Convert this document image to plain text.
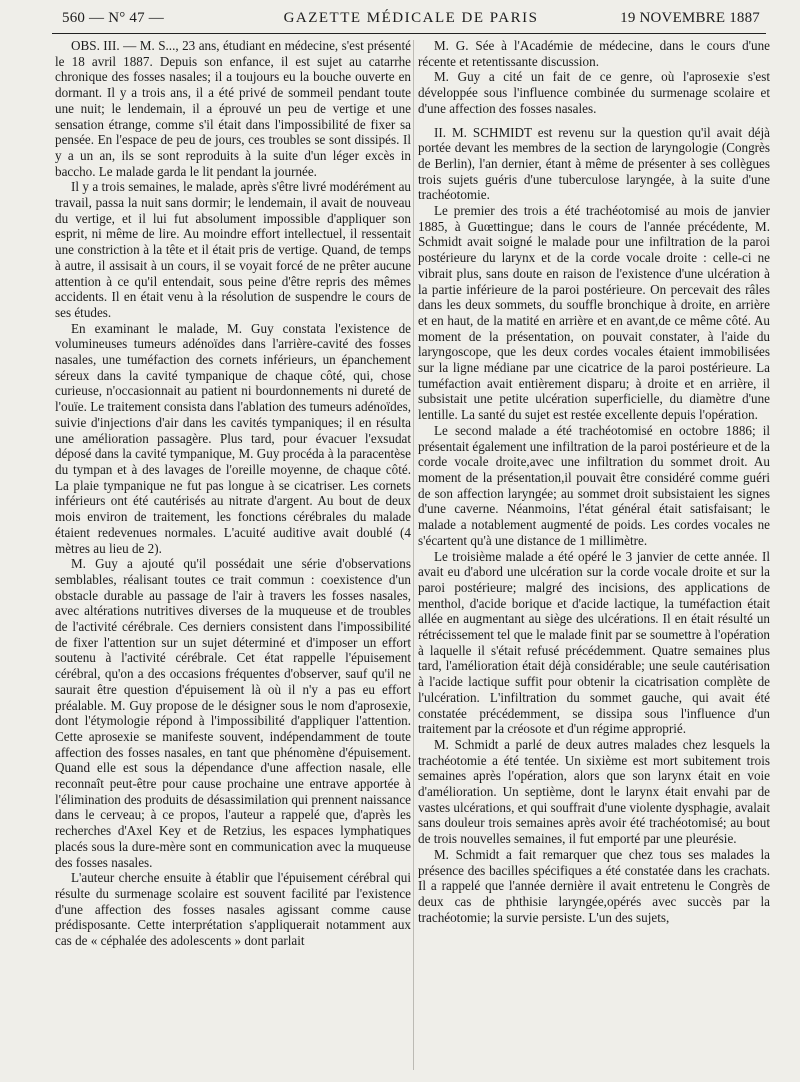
560 — N° 47 —	GAZETTE MÉDICALE DE PARIS	19 NOVEMBRE 1887

OBS. III. — M. S..., 23 ans, étudiant en médecine, s'est présenté le 18 avril 1887. Depuis son enfance, il est sujet au catarrhe chronique des fosses nasales; il a toujours eu la bouche ouverte en dormant. Il y a trois ans, il a été privé de sommeil pendant toute une nuit; le lendemain, il a éprouvé un peu de vertige et une sensation étrange, comme s'il était dans l'impossibilité de fixer sa pensée. En l'espace de peu de jours, ces troubles se sont dissipés. Il y a un an, ils se sont reproduits à la suite d'un léger excès in baccho. Le malade garda le lit pendant la journée.

Il y a trois semaines, le malade, après s'être livré modérément au travail, passa la nuit sans dormir; le lendemain, il avait de nouveau du vertige, et il lui fut absolument impossible d'appliquer son esprit, ni même de lire. Au moindre effort intellectuel, il ressentait une constriction à la tête et il était pris de vertige. Quand, de temps à autre, il assisait à un cours, il se voyait forcé de ne prêter aucune attention à ce qu'il entendait, sous peine d'être repris des mêmes accidents. Il en était venu à la résolution de suspendre le cours de ses études.

En examinant le malade, M. Guy constata l'existence de volumineuses tumeurs adénoïdes dans l'arrière-cavité des fosses nasales, une tuméfaction des cornets inférieurs, un épanchement séreux dans la cavité tympanique de chaque côté, qui, chose curieuse, n'occasionnait au patient ni bourdonnements ni dureté de l'ouïe. Le traitement consista dans l'ablation des tumeurs adénoïdes, suivie d'injections d'air dans les cavités tympaniques; il en résulta une amélioration passagère. Plus tard, pour évacuer l'exsudat déposé dans la cavité tympanique, M. Guy procéda à la paracentèse du tympan et à des lavages de l'oreille moyenne, de chaque côté. La plaie tympanique ne fut pas longue à se cicatriser. Les cornets inférieurs ont été cautérisés au nitrate d'argent. Au bout de deux mois environ de traitement, les fonctions cérébrales du malade étaient redevenues normales. L'acuité auditive avait doublé (4 mètres au lieu de 2).

M. Guy a ajouté qu'il possédait une série d'observations semblables, réalisant toutes ce trait commun : coexistence d'un obstacle durable au passage de l'air à travers les fosses nasales, avec altérations nutritives diverses de la muqueuse et de troubles de l'activité cérébrale. Ces derniers consistent dans l'impossibilité de fixer l'attention sur un sujet déterminé et d'imposer un effort soutenu à l'activité cérébrale. Cet état rappelle l'épuisement cérébral, qu'on a des occasions fréquentes d'observer, sauf qu'il ne saurait être question d'épuisement là où il n'y a pas eu effort préalable. M. Guy propose de le désigner sous le nom d'aprosexie, dont l'étymologie répond à l'impossibilité d'appliquer l'attention. Cette aprosexie se manifeste souvent, indépendamment de toute affection des fosses nasales, en tant que phénomène d'épuisement. Quand elle est sous la dépendance d'une affection nasale, elle reconnaît peut-être pour cause prochaine une entrave apportée à l'élimination des produits de désassimilation qui prennent naissance dans le cerveau; à ce propos, l'auteur a rappelé que, d'après les recherches d'Axel Key et de Retzius, les espaces lymphatiques placés sous la dure-mère sont en communication avec la muqueuse des fosses nasales.

L'auteur cherche ensuite à établir que l'épuisement cérébral qui résulte du surmenage scolaire est souvent facilité par l'existence d'une affection des fosses nasales agissant comme cause prédisposante. Cette interprétation s'appliquerait notamment aux cas de « céphalée des adolescents » dont parlait

M. G. Sée à l'Académie de médecine, dans le cours d'une récente et retentissante discussion.

M. Guy a cité un fait de ce genre, où l'aprosexie s'est développée sous l'influence combinée du surmenage scolaire et d'une affection des fosses nasales.

II. M. SCHMIDT est revenu sur la question qu'il avait déjà portée devant les membres de la section de laryngologie (Congrès de Berlin), l'an dernier, étant à même de présenter à ses collègues trois sujets guéris d'une tuberculose laryngée, à la suite d'une trachéotomie.

Le premier des trois a été trachéotomisé au mois de janvier 1885, à Guœttingue; dans le cours de l'année précédente, M. Schmidt avait soigné le malade pour une infiltration de la paroi postérieure du larynx et de la corde vocale droite : celle-ci ne vibrait plus, sans doute en raison de l'existence d'une ulcération à la partie inférieure de la paroi postérieure. On percevait des râles dans les deux sommets, du souffle bronchique à droite, en arrière et en haut, de la matité en arrière et en avant,de ce même côté. Au moment de la présentation, on pouvait constater, à l'aide du laryngoscope, que les deux cordes vocales étaient immobilisées sur la ligne médiane par une cicatrice de la paroi postérieure. La tuméfaction avait entièrement disparu; à droite et en arrière, il subsistait une petite ulcération superficielle, du diamètre d'une lentille. La santé du sujet est restée excellente depuis l'opération.

Le second malade a été trachéotomisé en octobre 1886; il présentait également une infiltration de la paroi postérieure et de la corde vocale droite,avec une infiltration du sommet droit. Au moment de la présentation,il pouvait être considéré comme guéri de son affection laryngée; au sommet droit subsistaient les signes d'une caverne. Néanmoins, l'état général était satisfaisant; le malade a notablement augmenté de poids. Les cordes vocales ne s'écartent qu'à une distance de 1 millimètre.

Le troisième malade a été opéré le 3 janvier de cette année. Il avait eu d'abord une ulcération sur la corde vocale droite et sur la paroi postérieure; malgré des incisions, des applications de menthol, d'acide borique et d'acide lactique, la tuméfaction était allée en augmentant au siège des ulcérations. Il en était résulté un rétrécissement tel que le malade finit par se soumettre à l'opération à laquelle il s'était refusé précédemment. Quatre semaines plus tard, l'amélioration était déjà considérable; une seule cautérisation à l'acide lactique suffit pour obtenir la cicatrisation complète de l'ulcération. L'infiltration du sommet gauche, qui avait été constatée précédemment, se dissipa sous l'influence d'un traitement par la créosote et d'un régime approprié.

M. Schmidt a parlé de deux autres malades chez lesquels la trachéotomie a été tentée. Un sixième est mort subitement trois semaines après l'opération, alors que son larynx était en voie d'amélioration. Un septième, dont le larynx était envahi par de vastes ulcérations, et qui souffrait d'une violente dysphagie, avalait sans douleur trois semaines après avoir été trachéotomisé; au bout de trois nouvelles semaines, il fut emporté par une pleurésie.

M. Schmidt a fait remarquer que chez tous ses malades la présence des bacilles spécifiques a été constatée dans les crachats. Il a rappelé que l'année dernière il avait entretenu le Congrès de deux cas de phthisie laryngée,opérés avec succès par la trachéotomie; la survie persiste. L'un des sujets,
